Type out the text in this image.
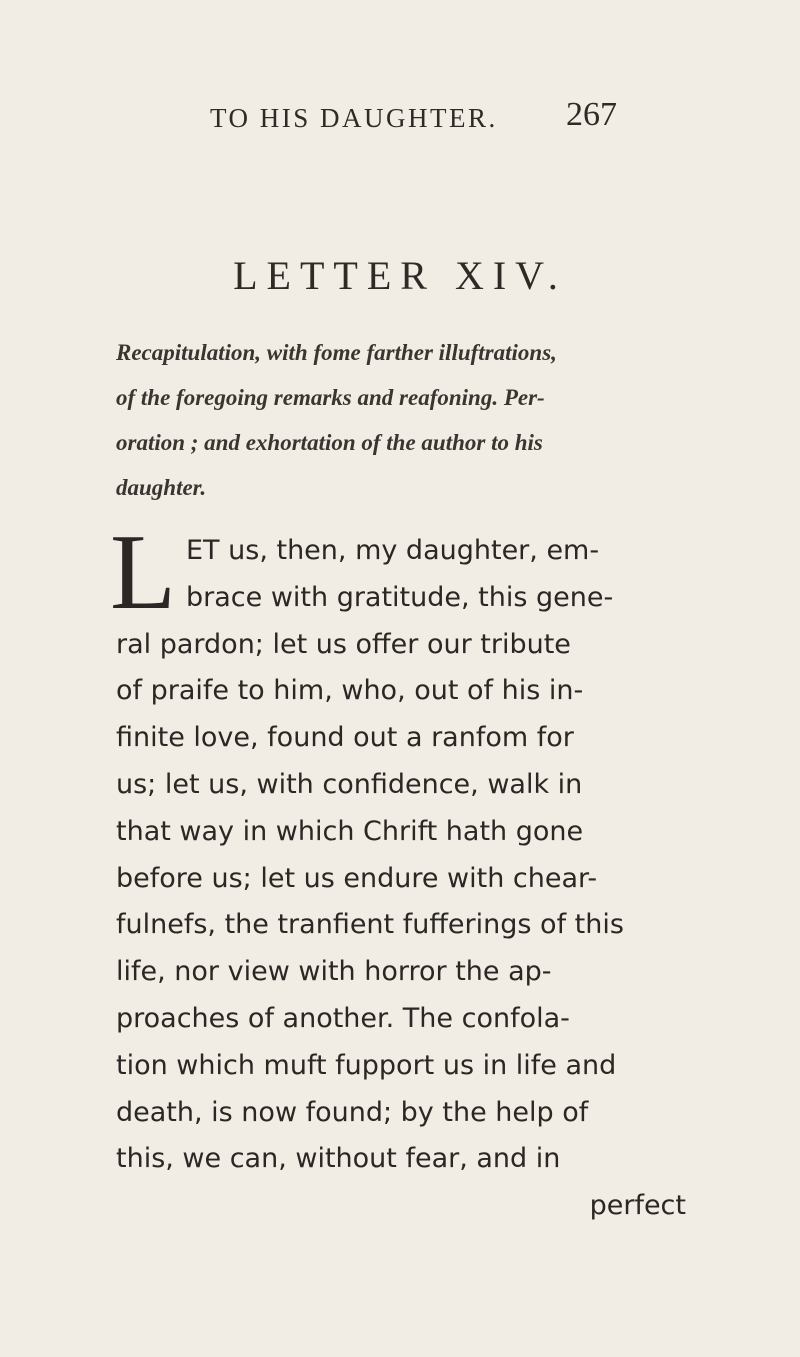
TO HIS DAUGHTER. 267
LETTER XIV.
Recapitulation, with fome farther illuftrations,
of the foregoing remarks and reafoning. Per-
oration ; and exhortation of the author to his
daughter.
L ET us, then, my daughter, em-
brace with gratitude, this gene-
ral pardon; let us offer our tribute
of praife to him, who, out of his in-
finite love, found out a ranfom for
us; let us, with confidence, walk in
that way in which Chrift hath gone
before us; let us endure with chear-
fulnefs, the tranfient fufferings of this
life, nor view with horror the ap-
proaches of another. The confola-
tion which muft fupport us in life and
death, is now found; by the help of
this, we can, without fear, and in
perfect
